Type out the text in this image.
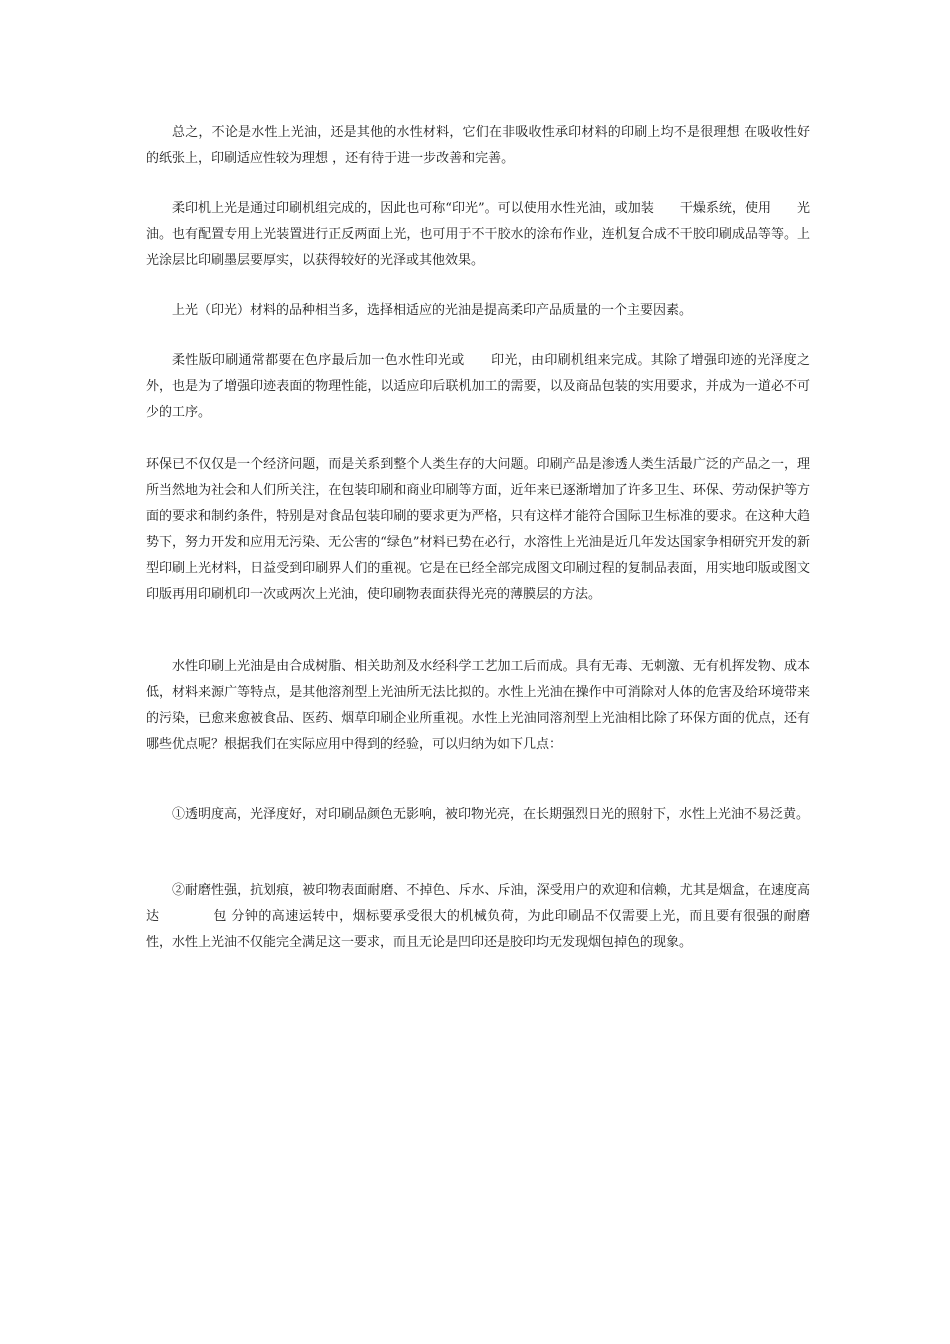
总之，不论是水性上光油，还是其他的水性材料，它们在非吸收性承印材料的印刷上均不是很理想 在吸收性好的纸张上，印刷适应性较为理想 ，还有待于进一步改善和完善。

柔印机上光是通过印刷机组完成的，因此也可称“印光”。可以使用水性光油，或加装　　干燥系统，使用　　光油。也有配置专用上光装置进行正反两面上光，也可用于不干胶水的涂布作业，连机复合成不干胶印刷成品等等。上光涂层比印刷墨层要厚实，以获得较好的光泽或其他效果。

上光（印光）材料的品种相当多，选择相适应的光油是提高柔印产品质量的一个主要因素。

柔性版印刷通常都要在色序最后加一色水性印光或　　印光，由印刷机组来完成。其除了增强印迹的光泽度之外，也是为了增强印迹表面的物理性能，以适应印后联机加工的需要，以及商品包装的实用要求，并成为一道必不可少的工序。

环保已不仅仅是一个经济问题，而是关系到整个人类生存的大问题。印刷产品是渗透人类生活最广泛的产品之一，理所当然地为社会和人们所关注，在包装印刷和商业印刷等方面，近年来已逐渐增加了许多卫生、环保、劳动保护等方面的要求和制约条件，特别是对食品包装印刷的要求更为严格，只有这样才能符合国际卫生标准的要求。在这种大趋势下，努力开发和应用无污染、无公害的“绿色”材料已势在必行，水溶性上光油是近几年发达国家争相研究开发的新型印刷上光材料，日益受到印刷界人们的重视。它是在已经全部完成图文印刷过程的复制品表面，用实地印版或图文印版再用印刷机印一次或两次上光油，使印刷物表面获得光亮的薄膜层的方法。

水性印刷上光油是由合成树脂、相关助剂及水经科学工艺加工后而成。具有无毒、无刺激、无有机挥发物、成本低，材料来源广等特点，是其他溶剂型上光油所无法比拟的。水性上光油在操作中可消除对人体的危害及给环境带来的污染，已愈来愈被食品、医药、烟草印刷企业所重视。水性上光油同溶剂型上光油相比除了环保方面的优点，还有哪些优点呢？根据我们在实际应用中得到的经验，可以归纳为如下几点：

①透明度高，光泽度好，对印刷品颜色无影响，被印物光亮，在长期强烈日光的照射下，水性上光油不易泛黄。

②耐磨性强，抗划痕，被印物表面耐磨、不掉色、斥水、斥油，深受用户的欢迎和信赖，尤其是烟盒，在速度高达　　　　包 分钟的高速运转中，烟标要承受很大的机械负荷，为此印刷品不仅需要上光，而且要有很强的耐磨性，水性上光油不仅能完全满足这一要求，而且无论是凹印还是胶印均无发现烟包掉色的现象。
